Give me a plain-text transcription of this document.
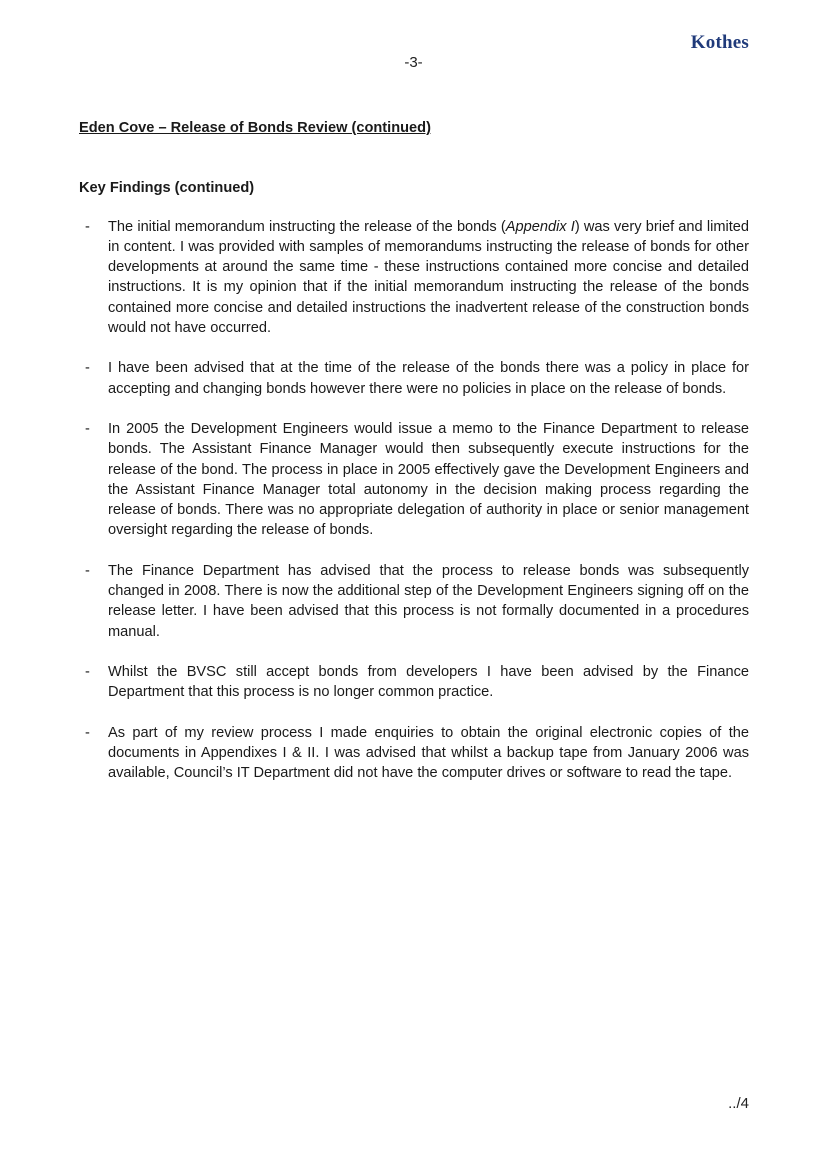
Kothes
-3-

Eden Cove – Release of Bonds Review (continued)

Key Findings (continued)

- The initial memorandum instructing the release of the bonds (Appendix I) was very brief and limited in content. I was provided with samples of memorandums instructing the release of bonds for other developments at around the same time - these instructions contained more concise and detailed instructions. It is my opinion that if the initial memorandum instructing the release of the bonds contained more concise and detailed instructions the inadvertent release of the construction bonds would not have occurred.
- I have been advised that at the time of the release of the bonds there was a policy in place for accepting and changing bonds however there were no policies in place on the release of bonds.
- In 2005 the Development Engineers would issue a memo to the Finance Department to release bonds. The Assistant Finance Manager would then subsequently execute instructions for the release of the bond. The process in place in 2005 effectively gave the Development Engineers and the Assistant Finance Manager total autonomy in the decision making process regarding the release of bonds. There was no appropriate delegation of authority in place or senior management oversight regarding the release of bonds.
- The Finance Department has advised that the process to release bonds was subsequently changed in 2008. There is now the additional step of the Development Engineers signing off on the release letter. I have been advised that this process is not formally documented in a procedures manual.
- Whilst the BVSC still accept bonds from developers I have been advised by the Finance Department that this process is no longer common practice.
- As part of my review process I made enquiries to obtain the original electronic copies of the documents in Appendixes I & II. I was advised that whilst a backup tape from January 2006 was available, Council’s IT Department did not have the computer drives or software to read the tape.
../4
